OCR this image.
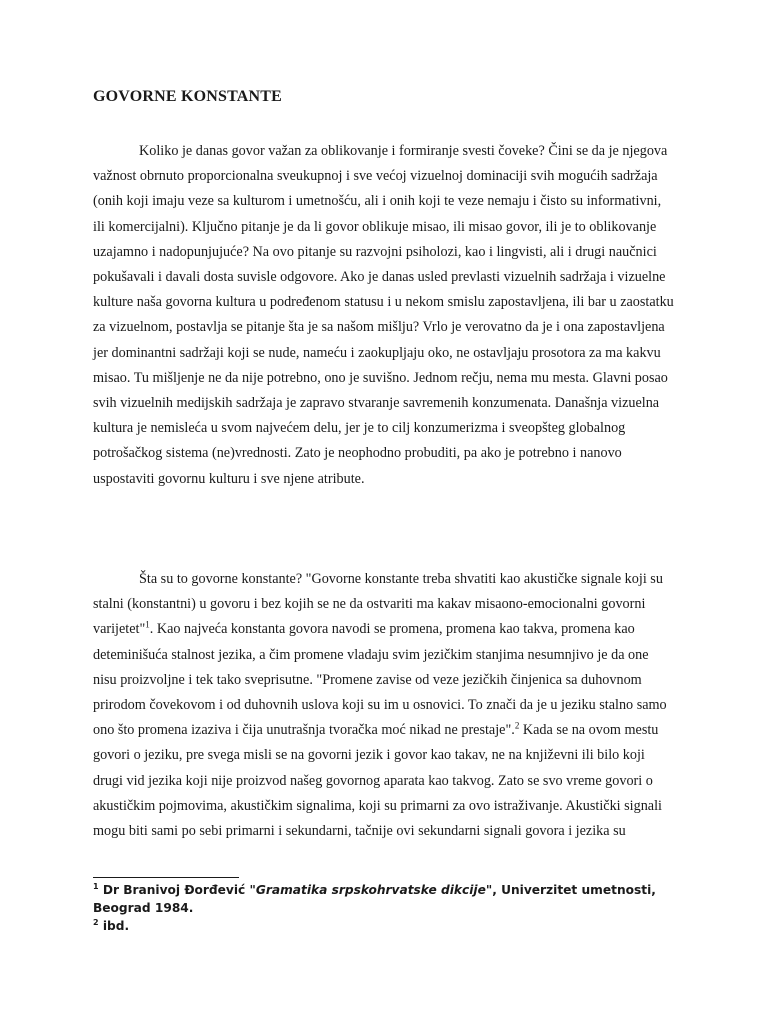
GOVORNE KONSTANTE

Koliko je danas govor važan za oblikovanje i formiranje svesti čoveke? Čini se da je njegova važnost obrnuto proporcionalna sveukupnoj i sve većoj vizuelnoj dominaciji svih mogućih sadržaja (onih koji imaju veze sa kulturom i umetnošću, ali i onih koji te veze nemaju i čisto su informativni, ili komercijalni). Ključno pitanje je da li govor oblikuje misao, ili misao govor, ili je to oblikovanje uzajamno i nadopunjujuće? Na ovo pitanje su razvojni psiholozi, kao i lingvisti, ali i drugi naučnici pokušavali i davali dosta suvisle odgovore. Ako je danas usled prevlasti vizuelnih sadržaja i vizuelne kulture naša govorna kultura u podređenom statusu i u nekom smislu zapostavljena, ili bar u zaostatku za vizuelnom, postavlja se pitanje šta je sa našom mišlju? Vrlo je verovatno da je i ona zapostavljena jer dominantni sadržaji koji se nude, nameću i zaokupljaju oko, ne ostavljaju prosotora za ma kakvu misao. Tu mišljenje ne da nije potrebno, ono je suvišno. Jednom rečju, nema mu mesta. Glavni posao svih vizuelnih medijskih sadržaja je zapravo stvaranje savremenih konzumenata. Današnja vizuelna kultura je nemislеća u svom najvećem delu, jer je to cilj konzumerizma i sveopšteg globalnog potrošačkog sistema (ne)vrednosti. Zato je neophodno probuditi, pa ako je potrebno i nanovo uspostaviti govornu kulturu i sve njene atribute.

Šta su to govorne konstante? "Govorne konstante treba shvatiti kao akustičke signale koji su stalni (konstantni) u govoru i bez kojih se ne da ostvariti ma kakav misaono-emocionalni govorni varijetet"$^1$. Kao najveća konstanta govora navodi se promena, promena kao takva, promena kao deteminišuća stalnost jezika, a čim promene vladaju svim jezičkim stanjima nesumnjivo je da one nisu proizvoljne i tek tako sveprisutne. "Promene zavise od veze jezičkih činjenica sa duhovnom prirodom čovekovom i od duhovnih uslova koji su im u osnovici. To znači da je u jeziku stalno samo ono što promena izaziva i čija unutrašnja tvoračka moć nikad ne prestaje".$^2$ Kada se na ovom mestu govori o jeziku, pre svega misli se na govorni jezik i govor kao takav, ne na književni ili bilo koji drugi vid jezika koji nije proizvod našeg govornog aparata kao takvog. Zato se svo vreme govori o akustičkim pojmovima, akustičkim signalima, koji su primarni za ovo istraživanje. Akustički signali mogu biti sami po sebi primarni i sekundarni, tačnije ovi sekundarni signali govora i jezika su

$^1$ Dr Branivoj Đorđević "Gramatika srpskohrvatske dikcije", Univerzitet umetnosti, Beograd 1984.
$^2$ ibd.
